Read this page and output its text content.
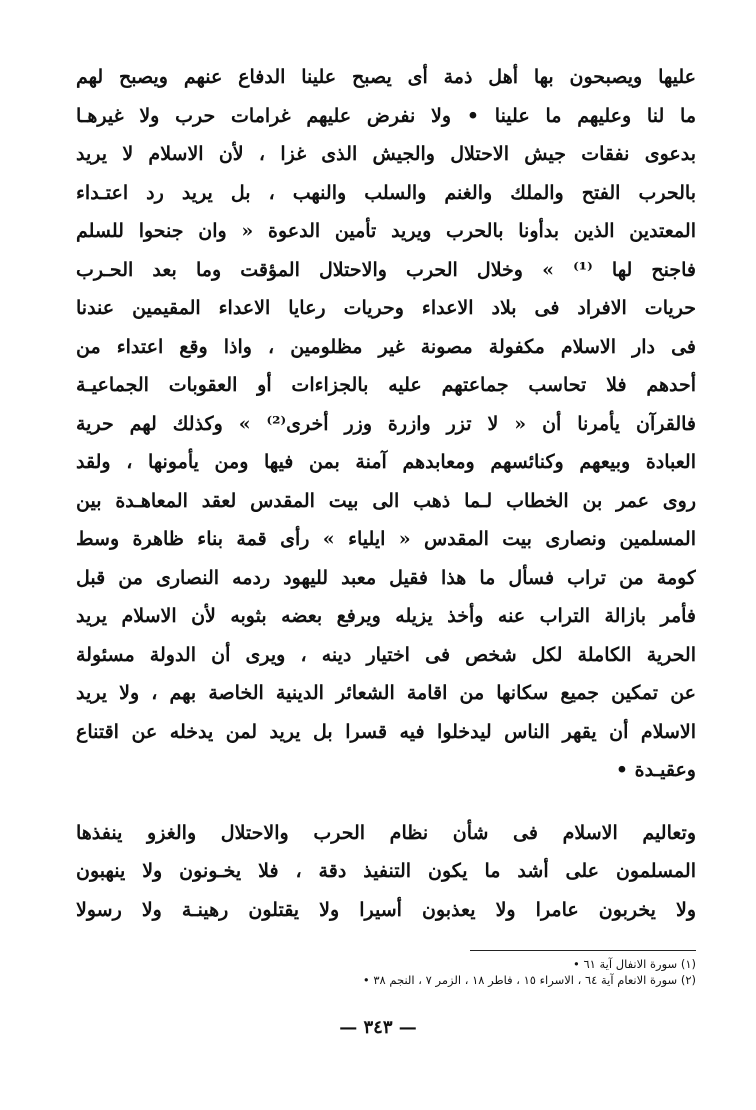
عليها ويصبحون بها أهل ذمة أى يصبح علينا الدفاع عنهم ويصبح لهم
ما لنا وعليهم ما علينا • ولا نفرض عليهم غرامات حرب ولا غيرهـا
بدعوى نفقات جيش الاحتلال والجيش الذى غزا ، لأن الاسلام لا يريد
بالحرب الفتح والملك والغنم والسلب والنهب ، بل يريد رد اعتـداء
المعتدين الذين بدأونا بالحرب ويريد تأمين الدعوة « وان جنحوا للسلم
فاجنح لها ⁽¹⁾ » وخلال الحرب والاحتلال المؤقت وما بعد الحـرب
حريات الافراد فى بلاد الاعداء وحريات رعايا الاعداء المقيمين عندنا
فى دار الاسلام مكفولة مصونة غير مظلومين ، واذا وقع اعتداء من
أحدهم فلا تحاسب جماعتهم عليه بالجزاءات أو العقوبات الجماعيـة
فالقرآن يأمرنا أن « لا تزر وازرة وزر أخرى⁽²⁾ » وكذلك لهم حرية
العبادة وبيعهم وكنائسهم ومعابدهم آمنة بمن فيها ومن يأمونها ، ولقد
روى عمر بن الخطاب لـما ذهب الى بيت المقدس لعقد المعاهـدة بين
المسلمين ونصارى بيت المقدس « ايلياء » رأى قمة بناء ظاهرة وسط
كومة من تراب فسأل ما هذا فقيل معبد لليهود ردمه النصارى من قبل
فأمر بازالة التراب عنه وأخذ يزيله ويرفع بعضه بثوبه لأن الاسلام يريد
الحرية الكاملة لكل شخص فى اختيار دينه ، ويرى أن الدولة مسئولة
عن تمكين جميع سكانها من اقامة الشعائر الدينية الخاصة بهم ، ولا يريد
الاسلام أن يقهر الناس ليدخلوا فيه قسرا بل يريد لمن يدخله عن اقتناع
وعقيـدة •
وتعاليم الاسلام فى شأن نظام الحرب والاحتلال والغزو ينفذها
المسلمون على أشد ما يكون التنفيذ دقة ، فلا يخـونون ولا ينهبون
ولا يخربون عامرا ولا يعذبون أسيرا ولا يقتلون رهينـة ولا رسولا
(١) سورة الانفال آية ٦١ •
(٢) سورة الانعام آية ٦٤ ، الاسراء ١٥ ، فاطر ١٨ ، الزمر ٧ ، النجم ٣٨ •
— ٣٤٣ —
